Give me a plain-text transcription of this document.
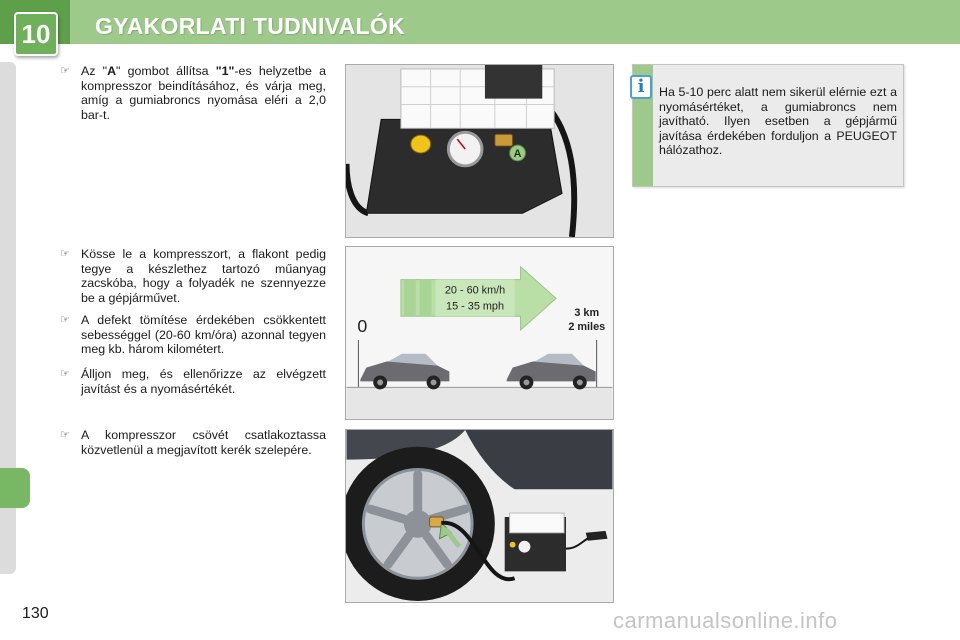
10	GYAKORLATI TUDNIVALÓK
☞ Az "A" gombot állítsa "1"-es helyzetbe a kompresszor beindításához, és várja meg, amíg a gumiabroncs nyomása eléri a 2,0 bar-t.
☞ Kösse le a kompresszort, a flakont pedig tegye a készlethez tartozó műanyag zacskóba, hogy a folyadék ne szennyezze be a gépjárművet.
☞ A defekt tömítése érdekében csökkentett sebességgel (20-60 km/óra) azonnal tegyen meg kb. három kilométert.
☞ Álljon meg, és ellenőrizze az elvégzett javítást és a nyomásértékét.
☞ A kompresszor csövét csatlakoztassa közvetlenül a megjavított kerék szelepére.
A
20 - 60 km/h
15 - 35 mph
0
3 km
2 miles
i	Ha 5-10 perc alatt nem sikerül elérnie ezt a nyomásértéket, a gumiabroncs nem javítható. Ilyen esetben a gépjármű javítása érdekében forduljon a PEUGEOT hálózathoz.
130	carmanualsonline.info
